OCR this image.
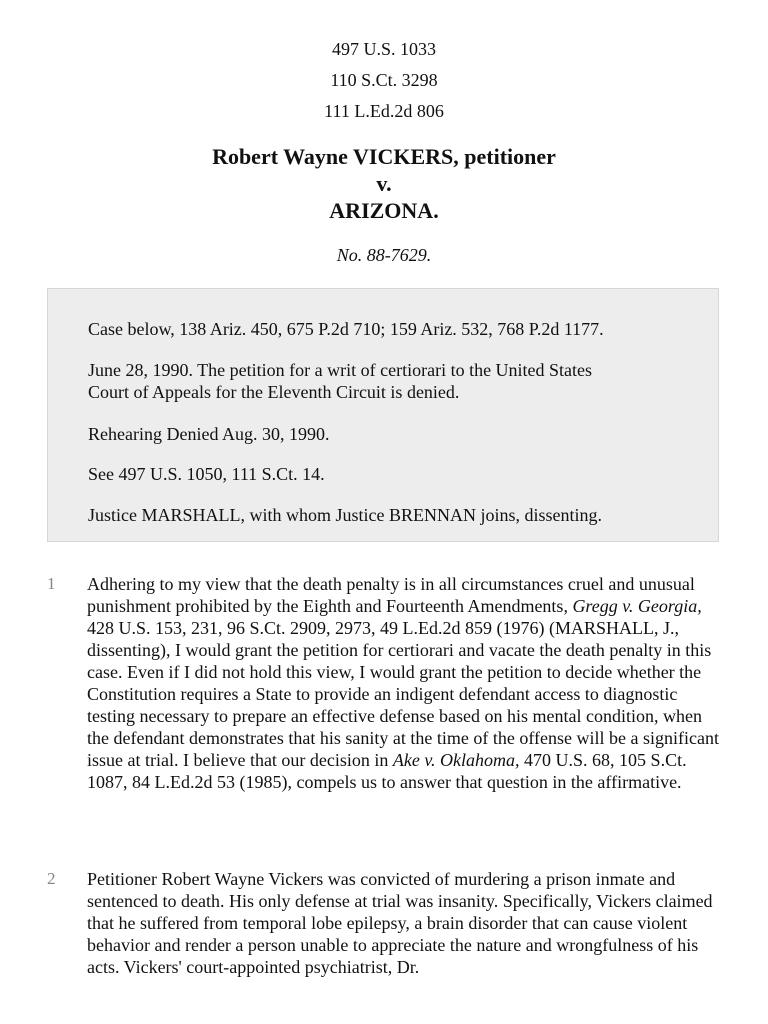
497 U.S. 1033
110 S.Ct. 3298
111 L.Ed.2d 806
Robert Wayne VICKERS, petitioner
v.
ARIZONA.
No. 88-7629.
Case below, 138 Ariz. 450, 675 P.2d 710; 159 Ariz. 532, 768 P.2d 1177.
June 28, 1990. The petition for a writ of certiorari to the United States
Court of Appeals for the Eleventh Circuit is denied.
Rehearing Denied Aug. 30, 1990.
See 497 U.S. 1050, 111 S.Ct. 14.
Justice MARSHALL, with whom Justice BRENNAN joins, dissenting.
1 Adhering to my view that the death penalty is in all circumstances cruel and unusual punishment prohibited by the Eighth and Fourteenth Amendments, Gregg v. Georgia, 428 U.S. 153, 231, 96 S.Ct. 2909, 2973, 49 L.Ed.2d 859 (1976) (MARSHALL, J., dissenting), I would grant the petition for certiorari and vacate the death penalty in this case. Even if I did not hold this view, I would grant the petition to decide whether the Constitution requires a State to provide an indigent defendant access to diagnostic testing necessary to prepare an effective defense based on his mental condition, when the defendant demonstrates that his sanity at the time of the offense will be a significant issue at trial. I believe that our decision in Ake v. Oklahoma, 470 U.S. 68, 105 S.Ct. 1087, 84 L.Ed.2d 53 (1985), compels us to answer that question in the affirmative.
2 Petitioner Robert Wayne Vickers was convicted of murdering a prison inmate and sentenced to death. His only defense at trial was insanity. Specifically, Vickers claimed that he suffered from temporal lobe epilepsy, a brain disorder that can cause violent behavior and render a person unable to appreciate the nature and wrongfulness of his acts. Vickers' court-appointed psychiatrist, Dr.
